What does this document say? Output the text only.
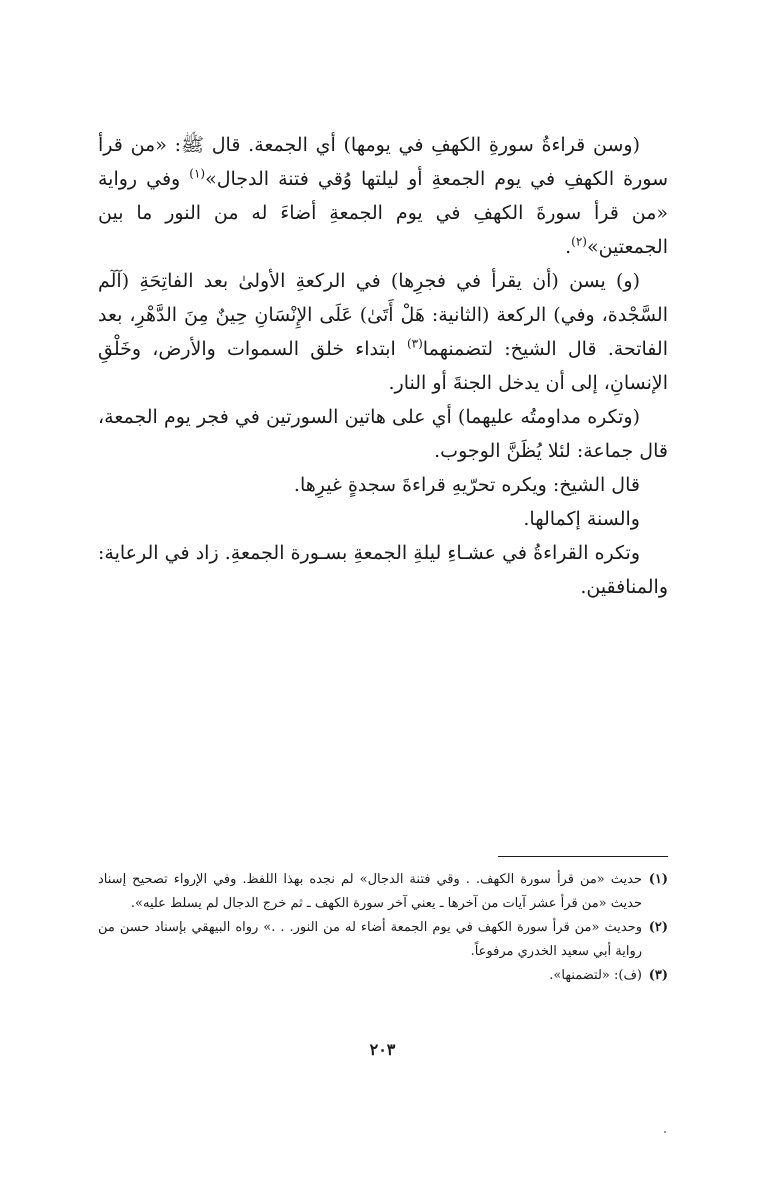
(وسن قراءةُ سورةِ الكهفِ في يومها) أي الجمعة. قال ﷺ: «من قرأ سورة الكهفِ في يوم الجمعةِ أو ليلتها وُقي فتنة الدجال»$^{(١)}$ وفي رواية «من قرأ سورةَ الكهفِ في يوم الجمعةِ أضاءَ له من النور ما بين الجمعتين»$^{(٢)}$.

(و) يسن (أن يقرأ في فجرِها) في الركعةِ الأولىٰ بعد الفاتِحَةِ (آلٓم السَّجْدة، وفي) الركعة (الثانية: هَلْ أَتَىٰ) عَلَى الإِنْسَانِ حِينٌ مِنَ الدَّهْرِ، بعد الفاتحة. قال الشيخ: لتضمنهما$^{(٣)}$ ابتداء خلق السموات والأرض، وخَلْقِ الإنسانِ، إلى أن يدخل الجنةَ أو النار.

(وتكره مداومتُه عليهما) أي على هاتين السورتين في فجر يوم الجمعة، قال جماعة: لئلا يُظَنَّ الوجوب.

قال الشيخ: ويكره تحرّيهِ قراءةَ سجدةٍ غيرِها.

والسنة إكمالها.

وتكره القراءةُ في عشـاءِ ليلةِ الجمعةِ بسـورة الجمعةِ. زاد في الرعاية: والمنافقين.

(١)
حديث «من قرأ سورة الكهف. . وقي فتنة الدجال» لم نجده بهذا اللفظ. وفي الإرواء تصحيح إسناد حديث «من قرأ عشر آيات من آخرها ـ يعني آخر سورة الكهف ـ ثم خرج الدجال لم يسلط عليه».

(٢)
وحديث «من قرأ سورة الكهف في يوم الجمعة أضاء له من النور. . .» رواه البيهقي بإسناد حسن من رواية أبي سعيد الخدري مرفوعاً.

(٣)
(ف): «لتضمنها».

٢٠٣
